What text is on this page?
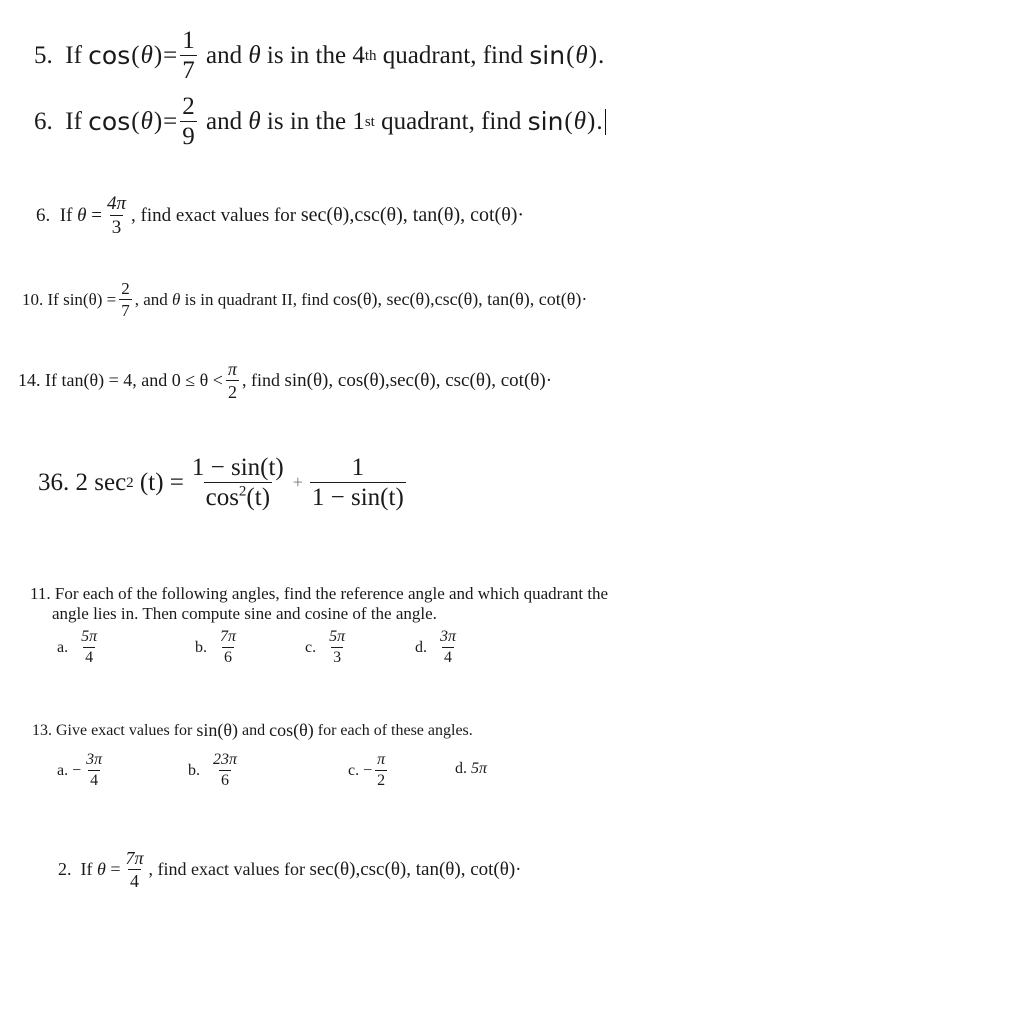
5.
If
cos ( θ ) = $\frac{1}{7}$
and
θ
is in the
4 th
quadrant, find
sin ( θ ) .
6.
If
cos ( θ ) = $\frac{2}{9}$
and
θ
is in the
1 st
quadrant, find
sin ( θ ) .
6.
If
θ
= $\frac{4\pi}{3}$ , find exact values for
sec(θ),csc(θ), tan(θ), cot(θ)·
10.
If
sin(θ)
= $\frac{2}{7}$ , and
θ
is in quadrant II, find
cos(θ), sec(θ),csc(θ), tan(θ), cot(θ)·
14.
If
tan(θ) = 4,
and
$0 \le \theta < \frac{\pi}{2}$ , find
sin(θ), cos(θ),sec(θ), csc(θ), cot(θ)·
36.
2 sec 2
$(t) = \frac{1 - \sin(t)}{\cos^2(t)} + \frac{1}{1 - \sin(t)}$
11. For each of the following angles, find the reference angle and which quadrant the
angle lies in. Then compute sine and cosine of the angle.
a.
$\frac{5\pi}{4}$	b.
$\frac{7\pi}{6}$	c.
$\frac{5\pi}{3}$	d.
$\frac{3\pi}{4}$
13. Give exact values for
sin(θ)
and
cos(θ)
for each of these angles.
a.
− $\frac{3\pi}{4}$	b.
$\frac{23\pi}{6}$	c.
− $\frac{\pi}{2}$	d.
5π
2.
If
θ
= $\frac{7\pi}{4}$ , find exact values for
sec(θ),csc(θ), tan(θ), cot(θ)·
